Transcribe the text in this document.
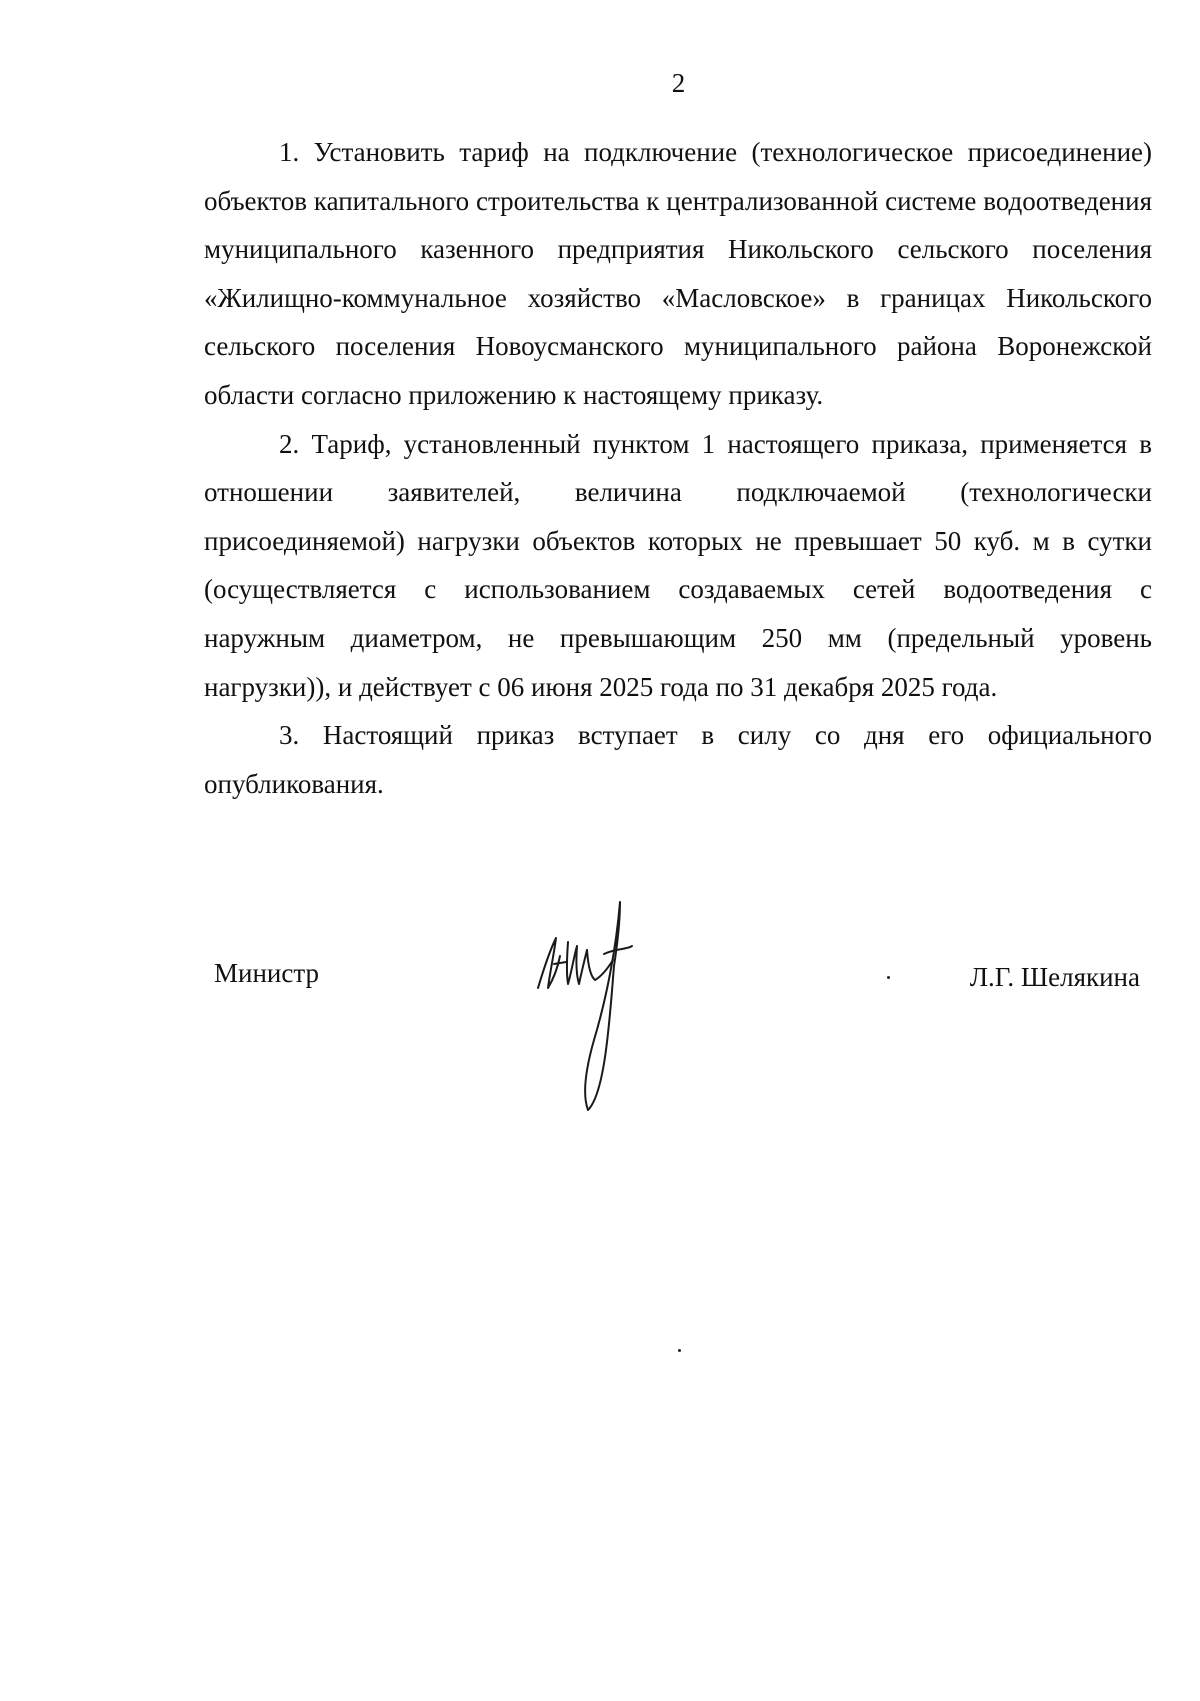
2

1. Установить тариф на подключение (технологическое присоединение) объектов капитального строительства к централизованной системе водоотведения муниципального казенного предприятия Никольского сельского поселения «Жилищно-коммунальное хозяйство «Масловское» в границах Никольского сельского поселения Новоусманского муниципального района Воронежской области согласно приложению к настоящему приказу.

2. Тариф, установленный пунктом 1 настоящего приказа, применяется в отношении заявителей, величина подключаемой (технологически присоединяемой) нагрузки объектов которых не превышает 50 куб. м в сутки (осуществляется с использованием создаваемых сетей водоотведения с наружным диаметром, не превышающим 250 мм (предельный уровень нагрузки)), и действует с 06 июня 2025 года по 31 декабря 2025 года.

3. Настоящий приказ вступает в силу со дня его официального опубликования.

Министр	Л.Г. Шелякина
